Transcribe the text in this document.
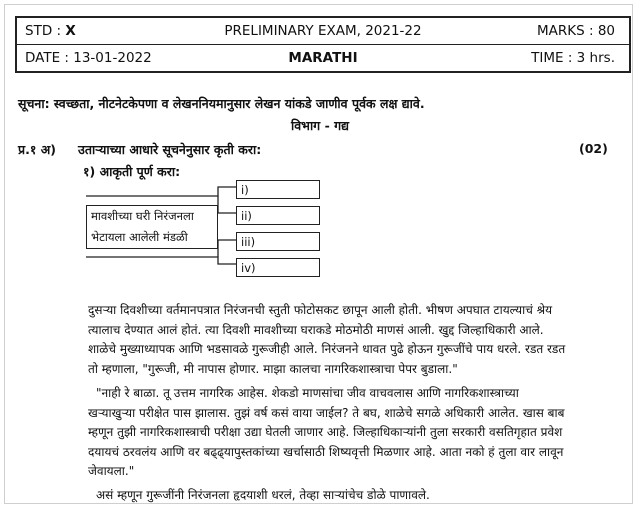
STD : X	PRELIMINARY EXAM, 2021-22	MARKS : 80
DATE : 13-01-2022	MARATHI	TIME : 3 hrs.
सूचना: स्वच्छता, नीटनेटकेपणा व लेखननियमानुसार लेखन यांकडे जाणीव पूर्वक लक्ष द्यावे.
विभाग - गद्य
प्र.१ अ) उताऱ्याच्या आधारे सूचनेनुसार कृती करा:	(02)
१) आकृती पूर्ण करा:
मावशीच्या घरी निरंजनला
भेटायला आलेली मंडळी
i)
ii)
iii)
iv)
दुसऱ्या दिवशीच्या वर्तमानपत्रात निरंजनची स्तुती फोटोसकट छापून आली होती. भीषण अपघात टायल्याचं श्रेय
त्यालाच देण्यात आलं होतं. त्या दिवशी मावशीच्या घराकडे मोठमोठी माणसं आली. खुद्द जिल्हाधिकारी आले.
शाळेचे मुख्याध्यापक आणि भडसावळे गुरूजीही आले. निरंजनने धावत पुढे होऊन गुरूजींचे पाय धरले. रडत रडत
तो म्हणाला, "गुरूजी, मी नापास होणार. माझा कालचा नागरिकशास्त्राचा पेपर बुडाला."
"नाही रे बाळा. तू उत्तम नागरिक आहेस. शेकडो माणसांचा जीव वाचवलास आणि नागरिकशास्त्राच्या
खऱ्याखुऱ्या परीक्षेत पास झालास. तुझं वर्ष कसं वाया जाईल? ते बघ, शाळेचे सगळे अधिकारी आलेत. खास बाब
म्हणून तुझी नागरिकशास्त्राची परीक्षा उद्या घेतली जाणार आहे. जिल्हाधिकाऱ्यांनी तुला सरकारी वसतिगृहात प्रवेश
दयायचं ठरवलंय आणि वर बढ्ढ्यापुस्तकांच्या खर्चासाठी शिष्यवृत्ती मिळणार आहे. आता नको हं तुला वार लावून
जेवायला."
असं म्हणून गुरूजींनी निरंजनला हृदयाशी धरलं, तेव्हा साऱ्यांचेच डोळे पाणावले.
